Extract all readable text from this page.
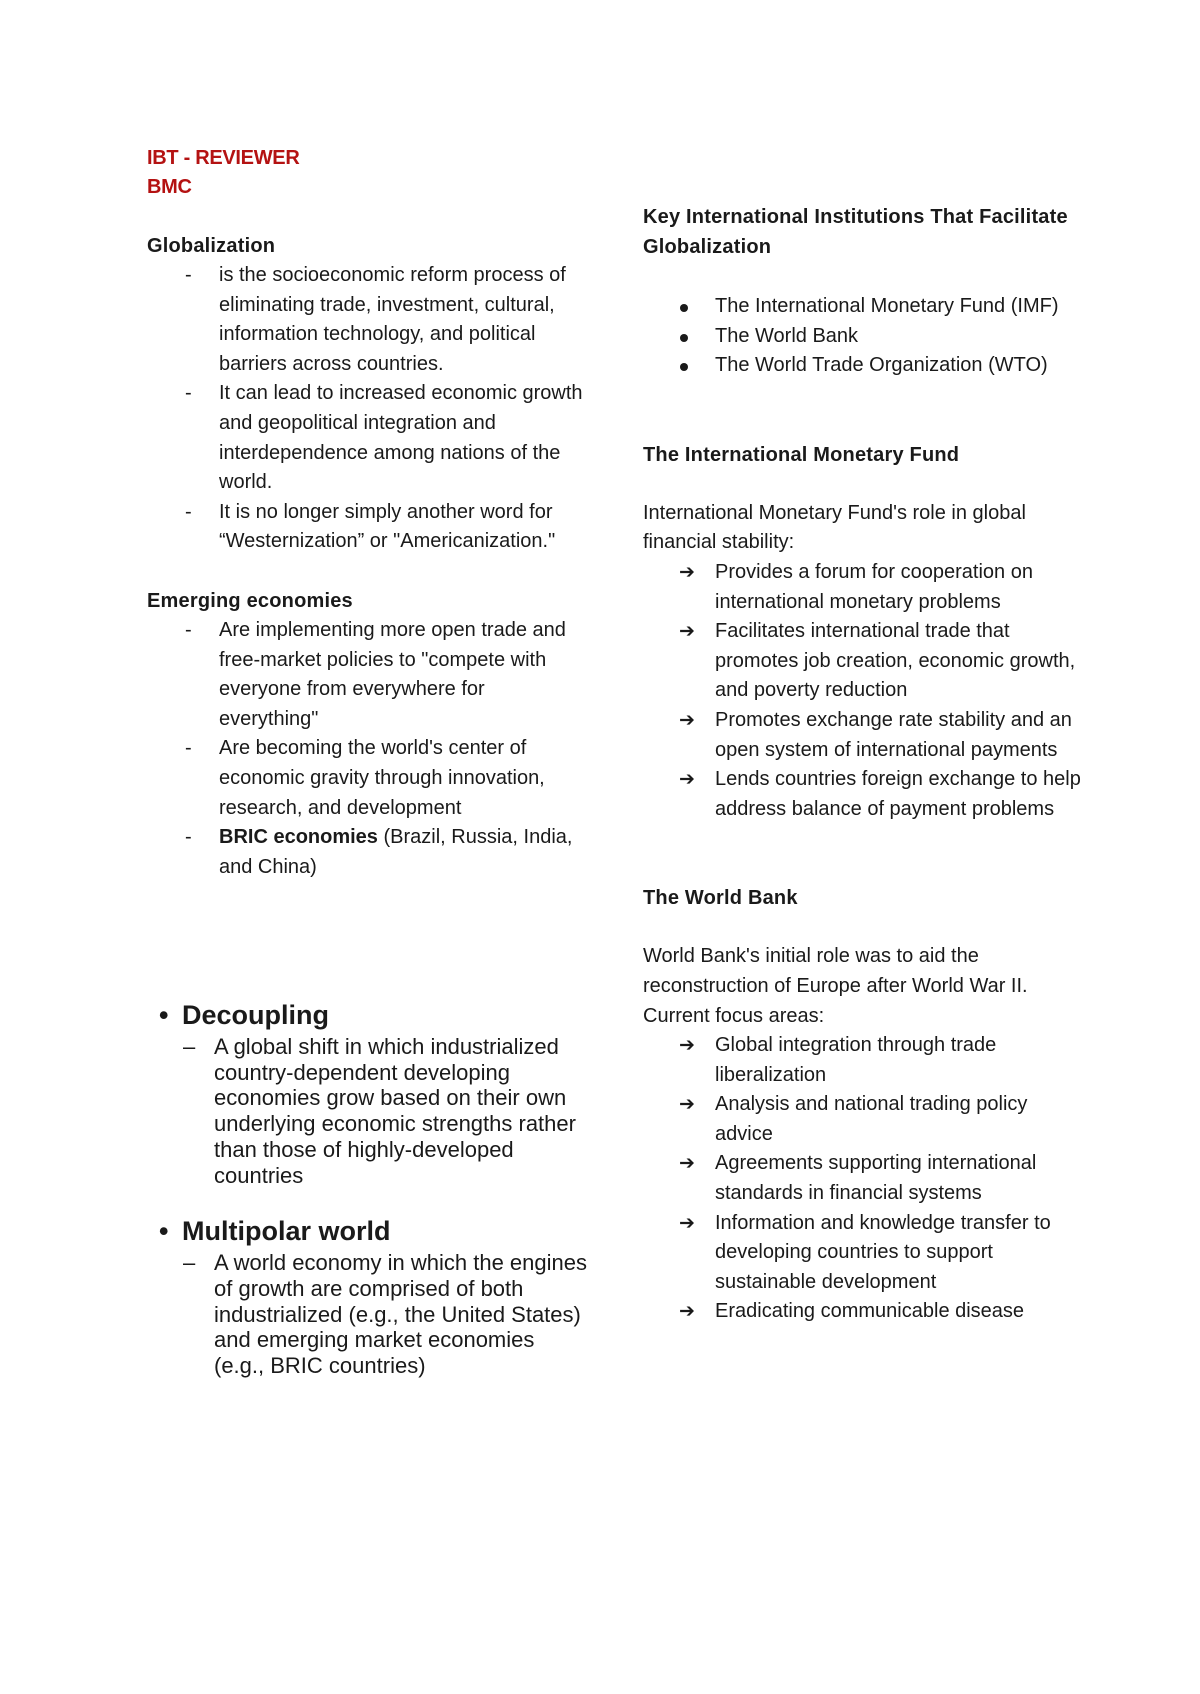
IBT - REVIEWER

BMC

Globalization

- is the socioeconomic reform process of eliminating trade, investment, cultural, information technology, and political barriers across countries.
- It can lead to increased economic growth and geopolitical integration and interdependence among nations of the world.
- It is no longer simply another word for “Westernization” or "Americanization."

Emerging economies

- Are implementing more open trade and free-market policies to "compete with everyone from everywhere for everything"
- Are becoming the world's center of economic gravity through innovation, research, and development
- BRIC economies (Brazil, Russia, India, and China)

• Decoupling

– A global shift in which industrialized country-dependent developing economies grow based on their own underlying economic strengths rather than those of highly-developed countries

• Multipolar world

– A world economy in which the engines of growth are comprised of both industrialized (e.g., the United States) and emerging market economies (e.g., BRIC countries)

Key International Institutions That Facilitate Globalization

The International Monetary Fund (IMF)
The World Bank
The World Trade Organization (WTO)

The International Monetary Fund

International Monetary Fund's role in global financial stability:

➔ Provides a forum for cooperation on international monetary problems
➔ Facilitates international trade that promotes job creation, economic growth, and poverty reduction
➔ Promotes exchange rate stability and an open system of international payments
➔ Lends countries foreign exchange to help address balance of payment problems

The World Bank

World Bank's initial role was to aid the reconstruction of Europe after World War II.

Current focus areas:

➔ Global integration through trade liberalization
➔ Analysis and national trading policy advice
➔ Agreements supporting international standards in financial systems
➔ Information and knowledge transfer to developing countries to support sustainable development
➔ Eradicating communicable disease
